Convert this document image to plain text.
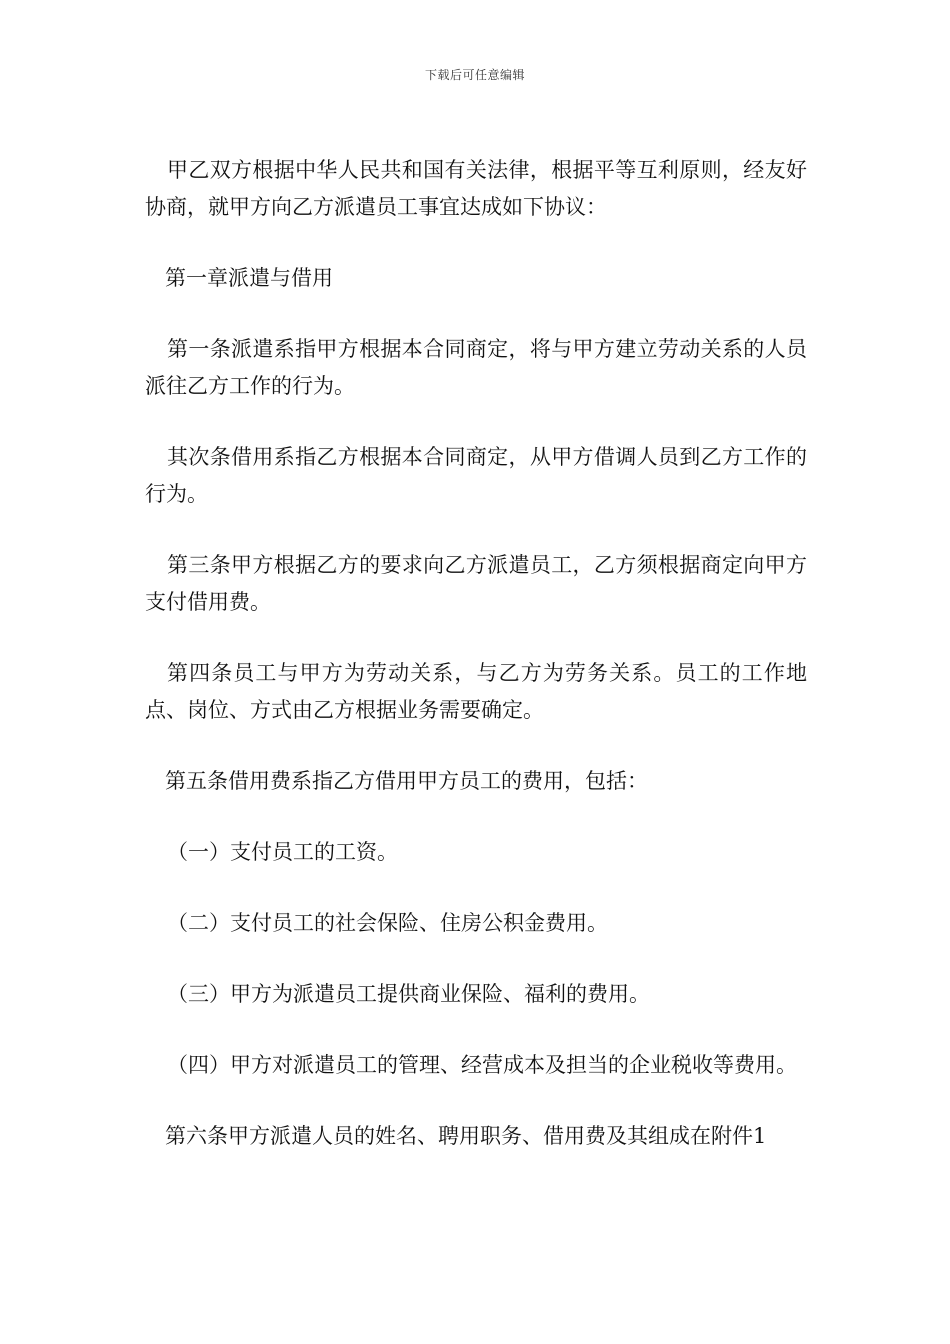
下载后可任意编辑

甲乙双方根据中华人民共和国有关法律，根据平等互利原则，经友好协商，就甲方向乙方派遣员工事宜达成如下协议：

第一章派遣与借用

第一条派遣系指甲方根据本合同商定，将与甲方建立劳动关系的人员派往乙方工作的行为。

其次条借用系指乙方根据本合同商定，从甲方借调人员到乙方工作的行为。

第三条甲方根据乙方的要求向乙方派遣员工，乙方须根据商定向甲方支付借用费。

第四条员工与甲方为劳动关系，与乙方为劳务关系。员工的工作地点、岗位、方式由乙方根据业务需要确定。

第五条借用费系指乙方借用甲方员工的费用，包括：

（一）支付员工的工资。

（二）支付员工的社会保险、住房公积金费用。

（三）甲方为派遣员工提供商业保险、福利的费用。

（四）甲方对派遣员工的管理、经营成本及担当的企业税收等费用。

第六条甲方派遣人员的姓名、聘用职务、借用费及其组成在附件1
